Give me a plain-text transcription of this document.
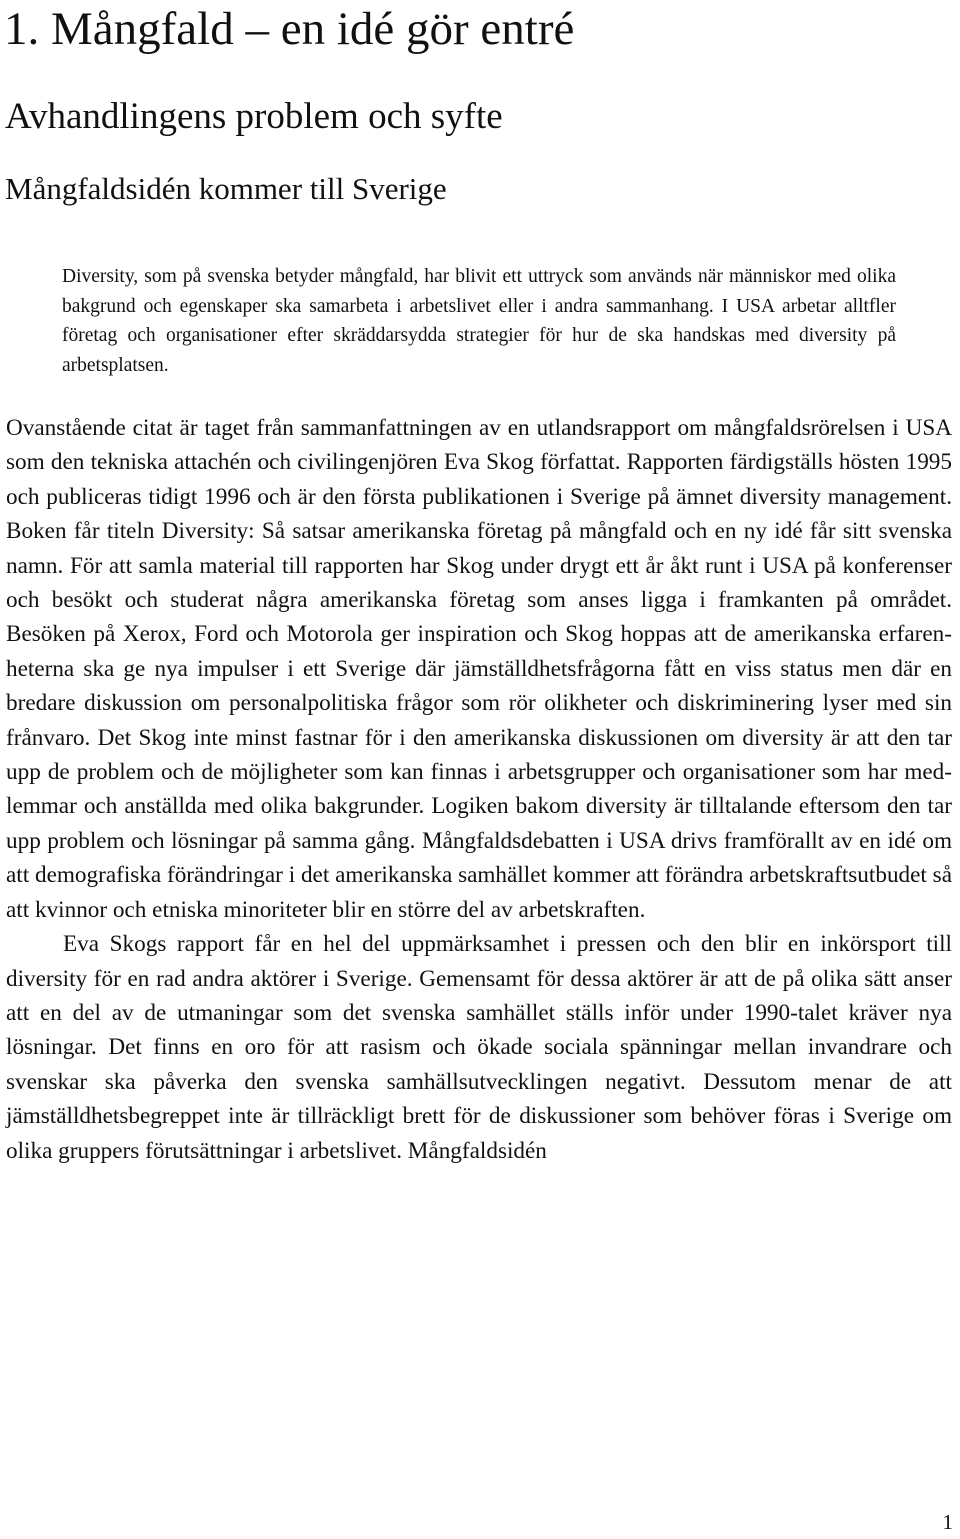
1. Mångfald – en idé gör entré
Avhandlingens problem och syfte
Mångfaldsidén kommer till Sverige
Diversity, som på svenska betyder mångfald, har blivit ett uttryck som används när människor med olika bakgrund och egenskaper ska samarbeta i arbetslivet eller i andra sammanhang. I USA arbetar alltfler företag och organisationer efter skräddarsydda strategier för hur de ska handskas med diversity på arbetsplatsen.

Ovanstående citat är taget från sammanfattningen av en utlandsrapport om mångfaldsrörelsen i USA som den tekniska attachén och civilingenjören Eva Skog författat. Rapporten färdigställs hösten 1995 och publiceras tidigt 1996 och är den första publikationen i Sverige på ämnet diversity management. Boken får titeln Diversity: Så satsar amerikanska företag på mångfald och en ny idé får sitt svenska namn. För att samla material till rapporten har Skog under drygt ett år åkt runt i USA på konferenser och besökt och studerat några amerikanska företag som anses ligga i framkanten på området. Besöken på Xerox, Ford och Motorola ger inspiration och Skog hoppas att de amerikanska erfarenheterna ska ge nya impulser i ett Sverige där jämställdhetsfrågorna fått en viss status men där en bredare diskussion om personalpolitiska frågor som rör olikheter och diskriminering lyser med sin frånvaro. Det Skog inte minst fastnar för i den amerikanska diskussionen om diversity är att den tar upp de problem och de möjligheter som kan finnas i arbetsgrupper och organisationer som har medlemmar och anställda med olika bakgrunder. Logiken bakom diversity är tilltalande eftersom den tar upp problem och lösningar på samma gång. Mångfaldsdebatten i USA drivs framförallt av en idé om att demografiska förändringar i det amerikanska samhället kommer att förändra arbetskraftsutbudet så att kvinnor och etniska minoriteter blir en större del av arbetskraften.

Eva Skogs rapport får en hel del uppmärksamhet i pressen och den blir en inkörsport till diversity för en rad andra aktörer i Sverige. Gemensamt för dessa aktörer är att de på olika sätt anser att en del av de utmaningar som det svenska samhället ställs inför under 1990-talet kräver nya lösningar. Det finns en oro för att rasism och ökade sociala spänningar mellan invandrare och svenskar ska påverka den svenska samhällsutvecklingen negativt. Dessutom menar de att jämställdhetsbegreppet inte är tillräckligt brett för de diskussioner som behöver föras i Sverige om olika gruppers förutsättningar i arbetslivet. Mångfaldsidén

1
